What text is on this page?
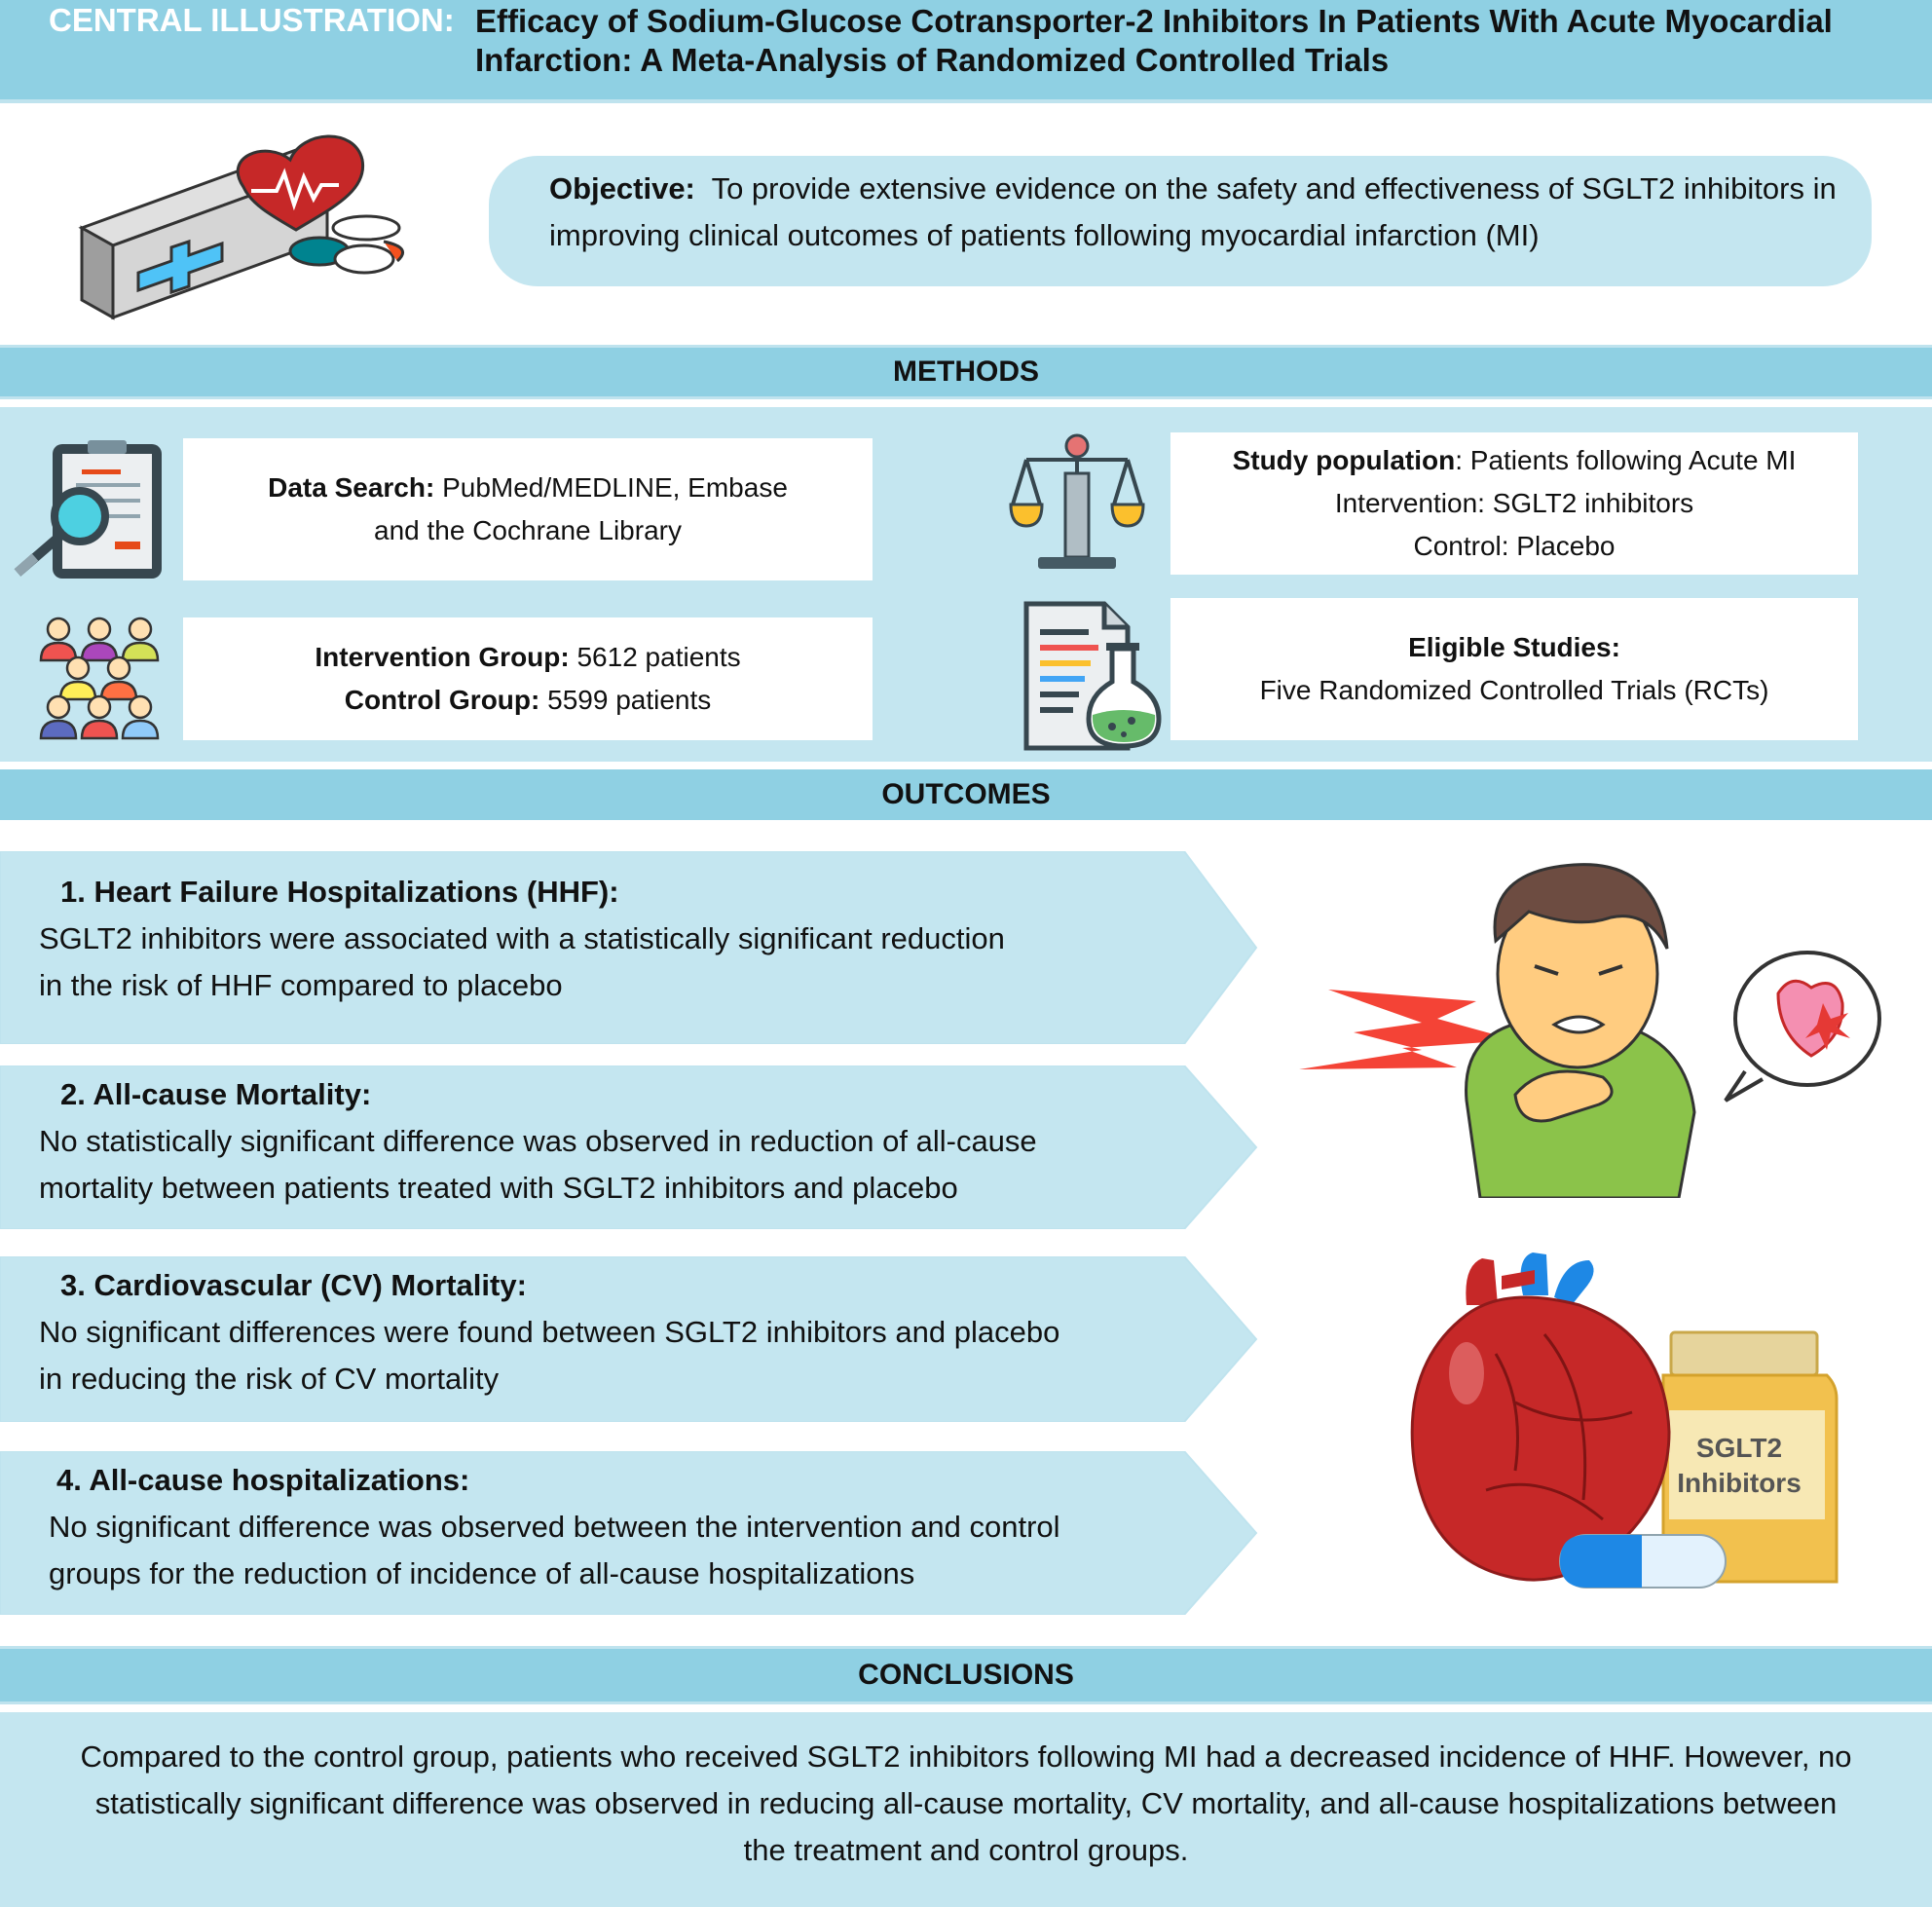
CENTRAL ILLUSTRATION: Efficacy of Sodium-Glucose Cotransporter-2 Inhibitors In Patients With Acute Myocardial Infarction: A Meta-Analysis of Randomized Controlled Trials
Objective: To provide extensive evidence on the safety and effectiveness of SGLT2 inhibitors in improving clinical outcomes of patients following myocardial infarction (MI)
METHODS
Data Search: PubMed/MEDLINE, Embase
and the Cochrane Library
Intervention Group: 5612 patients
Control Group: 5599 patients
Study population: Patients following Acute MI
Intervention: SGLT2 inhibitors
Control: Placebo
Eligible Studies:
Five Randomized Controlled Trials (RCTs)
OUTCOMES
1. Heart Failure Hospitalizations (HHF):
SGLT2 inhibitors were associated with a statistically significant reduction
in the risk of HHF compared to placebo
2. All-cause Mortality:
No statistically significant difference was observed in reduction of all-cause
mortality between patients treated with SGLT2 inhibitors and placebo
3. Cardiovascular (CV) Mortality:
No significant differences were found between SGLT2 inhibitors and placebo
in reducing the risk of CV mortality
4. All-cause hospitalizations:
No significant difference was observed between the intervention and control
groups for the reduction of incidence of all-cause hospitalizations
SGLT2
Inhibitors
CONCLUSIONS
Compared to the control group, patients who received SGLT2 inhibitors following MI had a decreased incidence of HHF. However, no
statistically significant difference was observed in reducing all-cause mortality, CV mortality, and all-cause hospitalizations between
the treatment and control groups.
